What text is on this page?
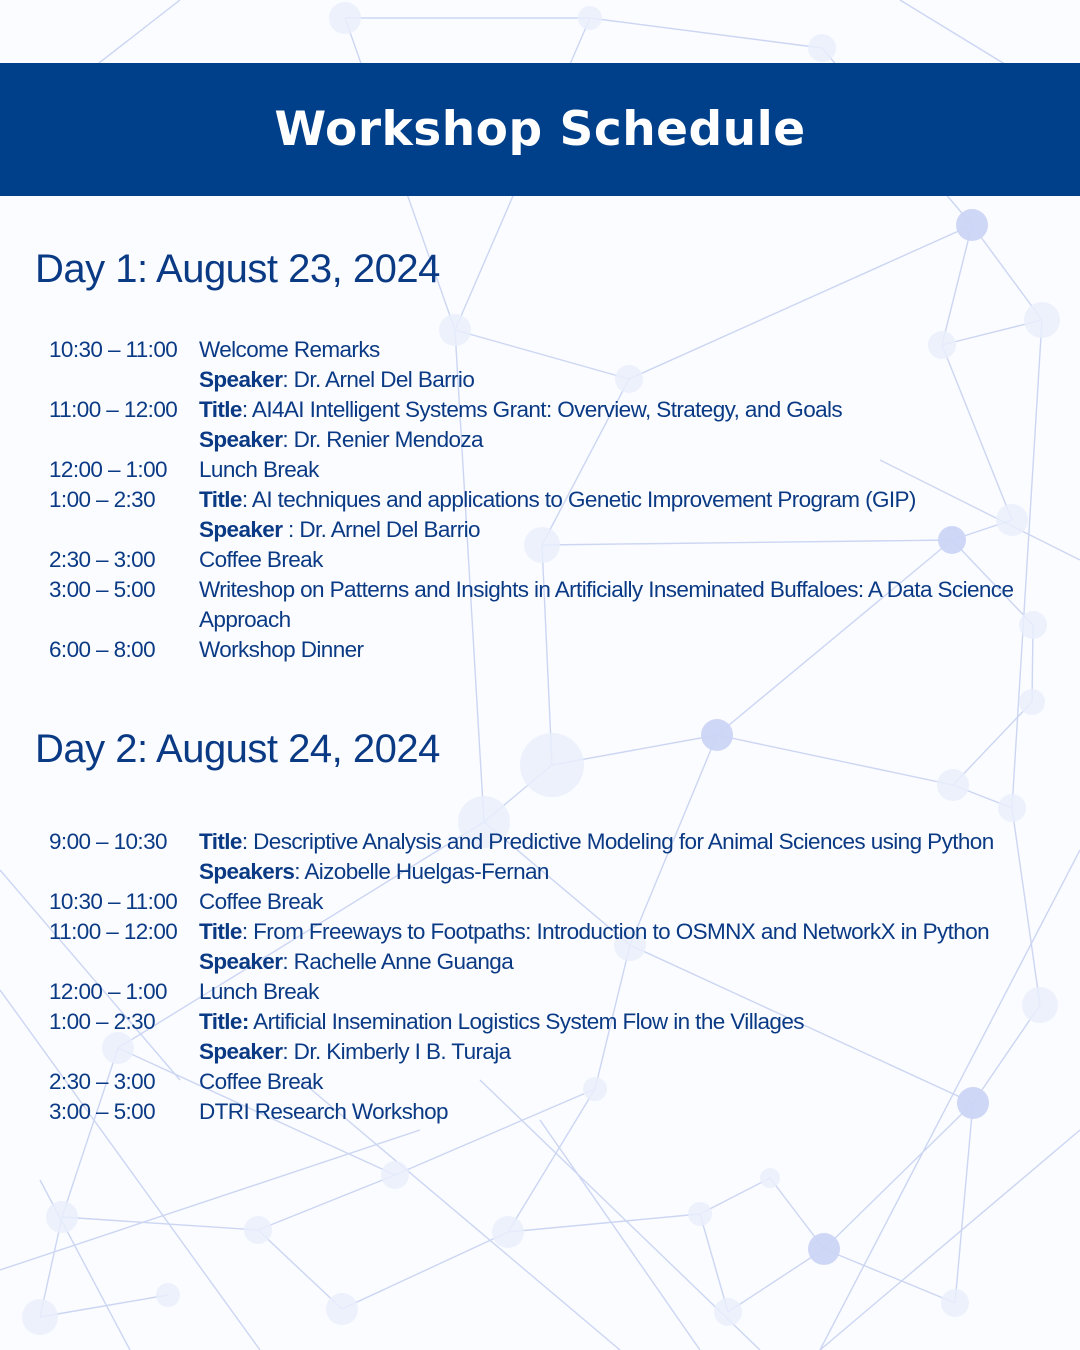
Workshop Schedule
Day 1: August 23, 2024
10:30 – 11:00 Welcome Remarks
Speaker: Dr. Arnel Del Barrio
11:00 – 12:00 Title: AI4AI Intelligent Systems Grant: Overview, Strategy, and Goals
Speaker: Dr. Renier Mendoza
12:00 – 1:00 Lunch Break
1:00 – 2:30 Title: AI techniques and applications to Genetic Improvement Program (GIP)
Speaker : Dr. Arnel Del Barrio
2:30 – 3:00 Coffee Break
3:00 – 5:00 Writeshop on Patterns and Insights in Artificially Inseminated Buffaloes: A Data Science
Approach
6:00 – 8:00 Workshop Dinner
Day 2: August 24, 2024
9:00 – 10:30 Title: Descriptive Analysis and Predictive Modeling for Animal Sciences using Python
Speakers: Aizobelle Huelgas-Fernan
10:30 – 11:00 Coffee Break
11:00 – 12:00 Title: From Freeways to Footpaths: Introduction to OSMNX and NetworkX in Python
Speaker: Rachelle Anne Guanga
12:00 – 1:00 Lunch Break
1:00 – 2:30 Title: Artificial Insemination Logistics System Flow in the Villages
Speaker: Dr. Kimberly I B. Turaja
2:30 – 3:00 Coffee Break
3:00 – 5:00 DTRI Research Workshop
